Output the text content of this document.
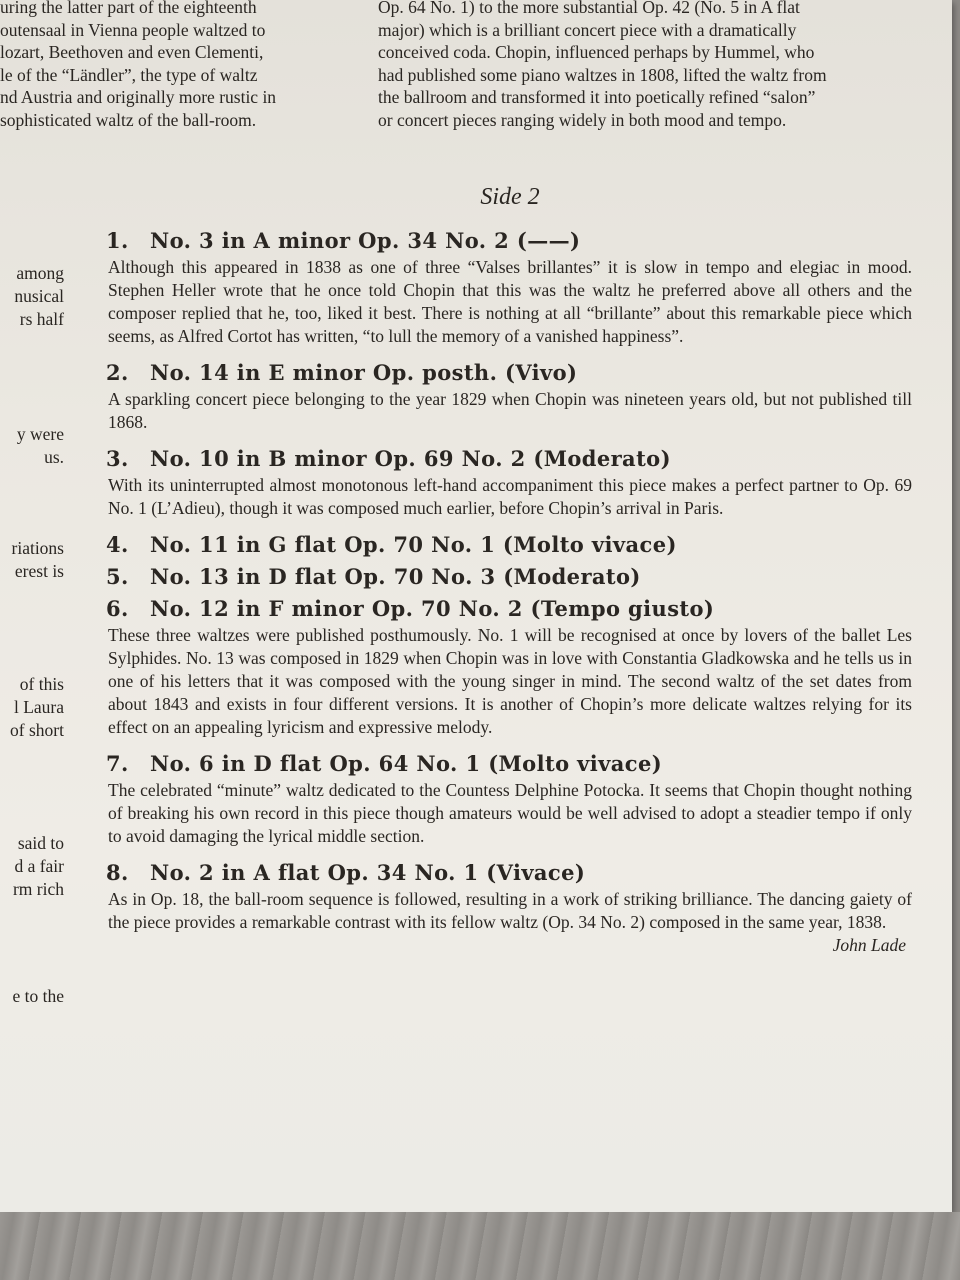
uring the latter part of the eighteenth
outensaal in Vienna people waltzed to
lozart, Beethoven and even Clementi,
le of the “Ländler”, the type of waltz
nd Austria and originally more rustic in
sophisticated waltz of the ball-room.
Op. 64 No. 1) to the more substantial Op. 42 (No. 5 in A flat
major) which is a brilliant concert piece with a dramatically
conceived coda. Chopin, influenced perhaps by Hummel, who
had published some piano waltzes in 1808, lifted the waltz from
the ballroom and transformed it into poetically refined “salon”
or concert pieces ranging widely in both mood and tempo.
among
nusical
rs half
y were
us.
riations
erest is
of this
l Laura
of short
said to
d a fair
rm rich
e to the
Side 2
1. No. 3 in A minor Op. 34 No. 2 (——)
Although this appeared in 1838 as one of three “Valses brillantes” it is slow in tempo and elegiac in mood. Stephen Heller wrote that he once told Chopin that this was the waltz he preferred above all others and the composer replied that he, too, liked it best. There is nothing at all “brillante” about this remarkable piece which seems, as Alfred Cortot has written, “to lull the memory of a vanished happiness”.
2. No. 14 in E minor Op. posth. (Vivo)
A sparkling concert piece belonging to the year 1829 when Chopin was nineteen years old, but not published till 1868.
3. No. 10 in B minor Op. 69 No. 2 (Moderato)
With its uninterrupted almost monotonous left-hand accompaniment this piece makes a perfect partner to Op. 69 No. 1 (L’Adieu), though it was composed much earlier, before Chopin’s arrival in Paris.
4. No. 11 in G flat Op. 70 No. 1 (Molto vivace)
5. No. 13 in D flat Op. 70 No. 3 (Moderato)
6. No. 12 in F minor Op. 70 No. 2 (Tempo giusto)
These three waltzes were published posthumously. No. 1 will be recognised at once by lovers of the ballet Les Sylphides. No. 13 was composed in 1829 when Chopin was in love with Constantia Gladkowska and he tells us in one of his letters that it was composed with the young singer in mind. The second waltz of the set dates from about 1843 and exists in four different versions. It is another of Chopin’s more delicate waltzes relying for its effect on an appealing lyricism and expressive melody.
7. No. 6 in D flat Op. 64 No. 1 (Molto vivace)
The celebrated “minute” waltz dedicated to the Countess Delphine Potocka. It seems that Chopin thought nothing of breaking his own record in this piece though amateurs would be well advised to adopt a steadier tempo if only to avoid damaging the lyrical middle section.
8. No. 2 in A flat Op. 34 No. 1 (Vivace)
As in Op. 18, the ball-room sequence is followed, resulting in a work of striking brilliance. The dancing gaiety of the piece provides a remarkable contrast with its fellow waltz (Op. 34 No. 2) composed in the same year, 1838.
John Lade
